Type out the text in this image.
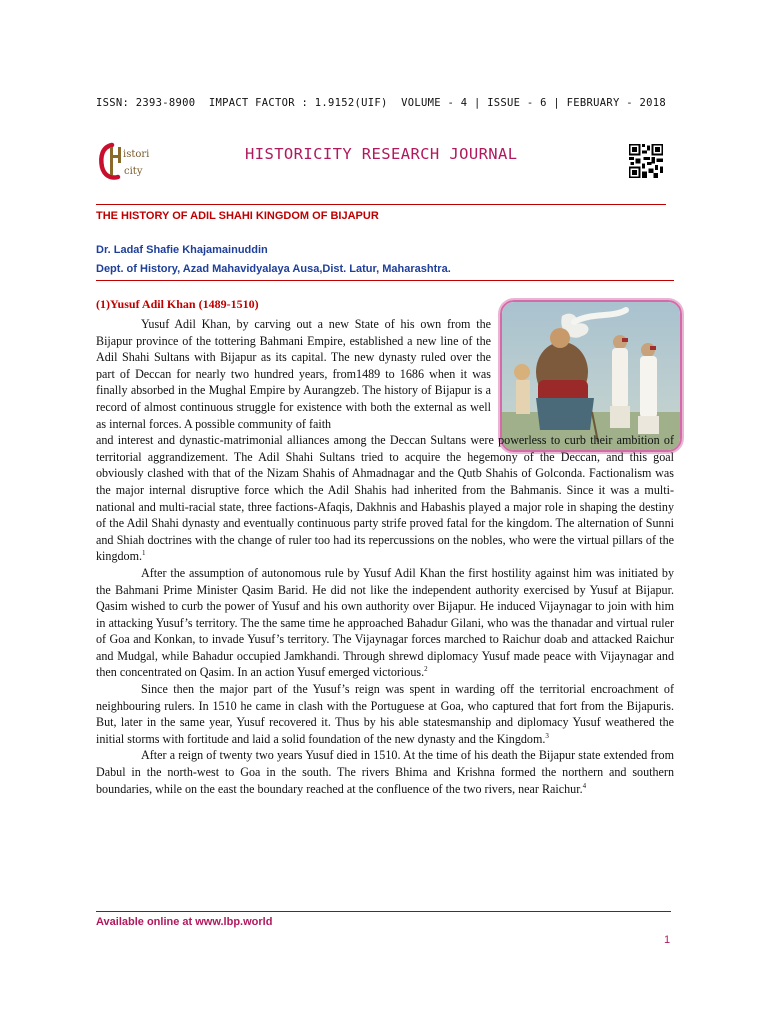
ISSN: 2393-8900 IMPACT FACTOR : 1.9152(UIF) VOLUME - 4 | ISSUE - 6 | FEBRUARY - 2018
istori
city
HISTORICITY RESEARCH JOURNAL
THE HISTORY OF ADIL SHAHI KINGDOM OF BIJAPUR
Dr. Ladaf Shafie Khajamainuddin
Dept. of History, Azad Mahavidyalaya Ausa,Dist. Latur, Maharashtra.
(1)Yusuf Adil Khan (1489-1510)

Yusuf Adil Khan, by carving out a new State of his own from the Bijapur province of the tottering Bahmani Empire, established a new line of the Adil Shahi Sultans with Bijapur as its capital. The new dynasty ruled over the part of Deccan for nearly two hundred years, from1489 to 1686 when it was finally absorbed in the Mughal Empire by Aurangzeb. The history of Bijapur is a record of almost continuous struggle for existence with both the external as well as internal forces. A possible community of faith

and interest and dynastic-matrimonial alliances among the Deccan Sultans were powerless to curb their ambition of territorial aggrandizement. The Adil Shahi Sultans tried to acquire the hegemony of the Deccan, and this goal obviously clashed with that of the Nizam Shahis of Ahmadnagar and the Qutb Shahis of Golconda. Factionalism was the major internal disruptive force which the Adil Shahis had inherited from the Bahmanis. Since it was a multi-national and multi-racial state, three factions-Afaqis, Dakhnis and Habashis played a major role in shaping the destiny of the Adil Shahi dynasty and eventually continuous party strife proved fatal for the kingdom. The alternation of Sunni and Shiah doctrines with the change of ruler too had its repercussions on the nobles, who were the virtual pillars of the kingdom.$^1$

After the assumption of autonomous rule by Yusuf Adil Khan the first hostility against him was initiated by the Bahmani Prime Minister Qasim Barid. He did not like the independent authority exercised by Yusuf at Bijapur. Qasim wished to curb the power of Yusuf and his own authority over Bijapur. He induced Vijaynagar to join with him in attacking Yusuf’s territory. The the same time he approached Bahadur Gilani, who was the thanadar and virtual ruler of Goa and Konkan, to invade Yusuf’s territory. The Vijaynagar forces marched to Raichur doab and attacked Raichur and Mudgal, while Bahadur occupied Jamkhandi. Through shrewd diplomacy Yusuf made peace with Vijaynagar and then concentrated on Qasim. In an action Yusuf emerged victorious.$^2$

Since then the major part of the Yusuf’s reign was spent in warding off the territorial encroachment of neighbouring rulers. In 1510 he came in clash with the Portuguese at Goa, who captured that fort from the Bijapuris. But, later in the same year, Yusuf recovered it. Thus by his able statesmanship and diplomacy Yusuf weathered the initial storms with fortitude and laid a solid foundation of the new dynasty and the Kingdom.$^3$

After a reign of twenty two years Yusuf died in 1510. At the time of his death the Bijapur state extended from Dabul in the north-west to Goa in the south. The rivers Bhima and Krishna formed the northern and southern boundaries, while on the east the boundary reached at the confluence of the two rivers, near Raichur.$^4$

Available online at www.lbp.world
1
